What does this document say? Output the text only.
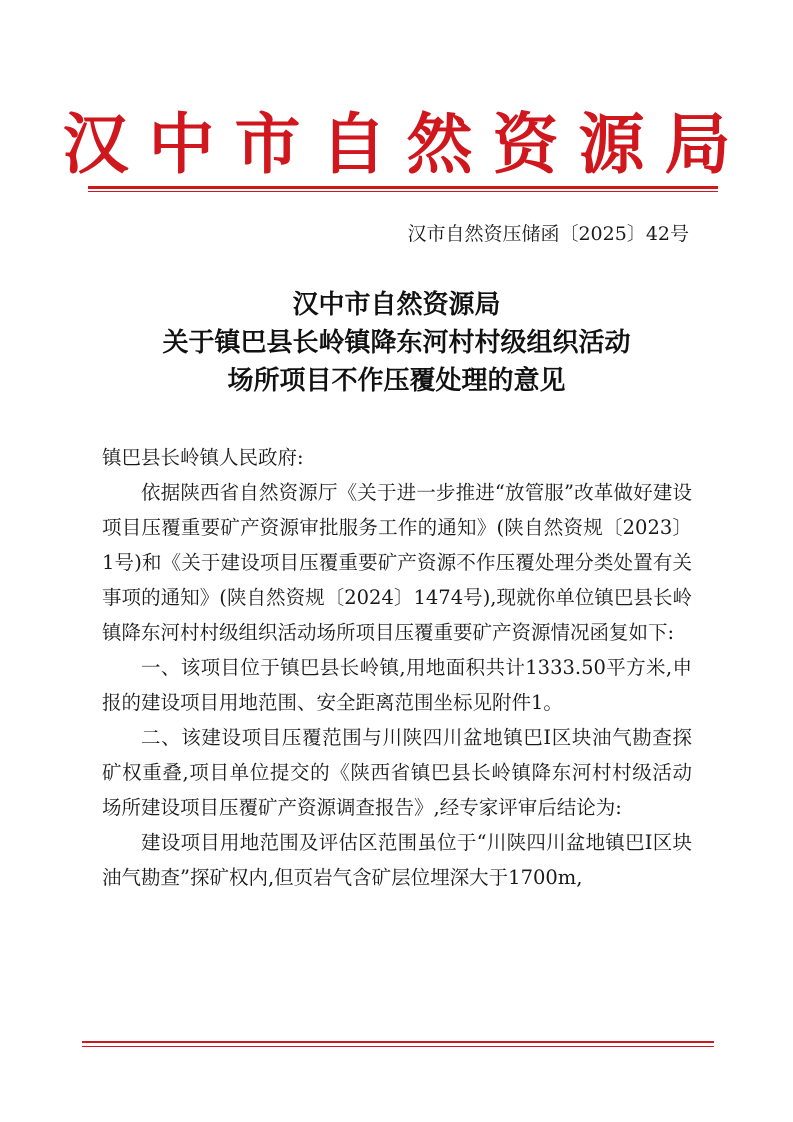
汉中市自然资源局
汉市自然资压储函〔2025〕42号
汉中市自然资源局
关于镇巴县长岭镇降东河村村级组织活动
场所项目不作压覆处理的意见

镇巴县长岭镇人民政府:

依据陕西省自然资源厅《关于进一步推进“放管服”改革做好建设项目压覆重要矿产资源审批服务工作的通知》(陕自然资规〔2023〕1号)和《关于建设项目压覆重要矿产资源不作压覆处理分类处置有关事项的通知》(陕自然资规〔2024〕1474号),现就你单位镇巴县长岭镇降东河村村级组织活动场所项目压覆重要矿产资源情况函复如下:

一、该项目位于镇巴县长岭镇,用地面积共计1333.50平方米,申报的建设项目用地范围、安全距离范围坐标见附件1。

二、该建设项目压覆范围与川陕四川盆地镇巴Ⅰ区块油气勘查探矿权重叠,项目单位提交的《陕西省镇巴县长岭镇降东河村村级活动场所建设项目压覆矿产资源调查报告》,经专家评审后结论为:

建设项目用地范围及评估区范围虽位于“川陕四川盆地镇巴Ⅰ区块油气勘查”探矿权内,但页岩气含矿层位埋深大于1700m,
